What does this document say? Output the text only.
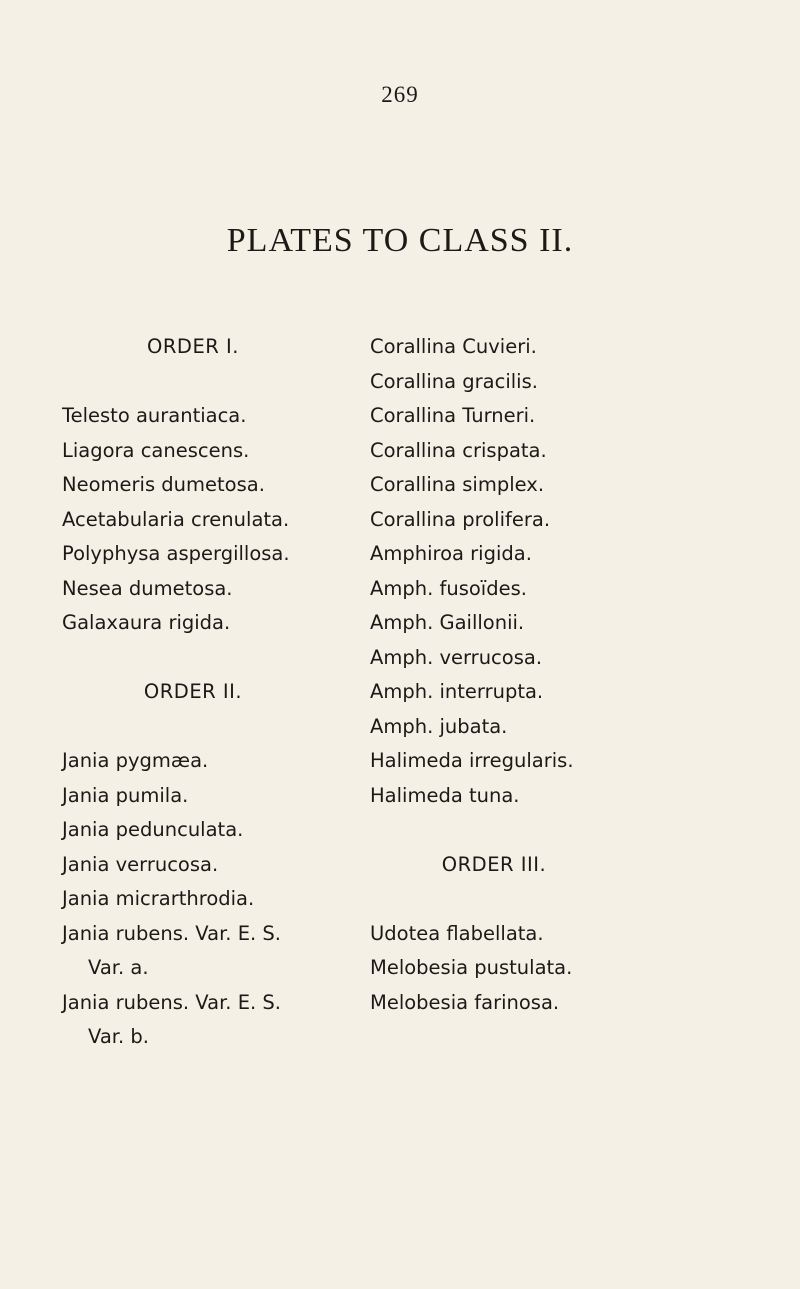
269
PLATES TO CLASS II.
ORDER I.
Telesto aurantiaca.
Liagora canescens.
Neomeris dumetosa.
Acetabularia crenulata.
Polyphysa aspergillosa.
Nesea dumetosa.
Galaxaura rigida.
ORDER II.
Jania pygmæa.
Jania pumila.
Jania pedunculata.
Jania verrucosa.
Jania micrarthrodia.
Jania rubens. Var. E. S.
Var. a.
Jania rubens. Var. E. S.
Var. b.
Corallina Cuvieri.
Corallina gracilis.
Corallina Turneri.
Corallina crispata.
Corallina simplex.
Corallina prolifera.
Amphiroa rigida.
Amph. fusoïdes.
Amph. Gaillonii.
Amph. verrucosa.
Amph. interrupta.
Amph. jubata.
Halimeda irregularis.
Halimeda tuna.
ORDER III.
Udotea flabellata.
Melobesia pustulata.
Melobesia farinosa.
